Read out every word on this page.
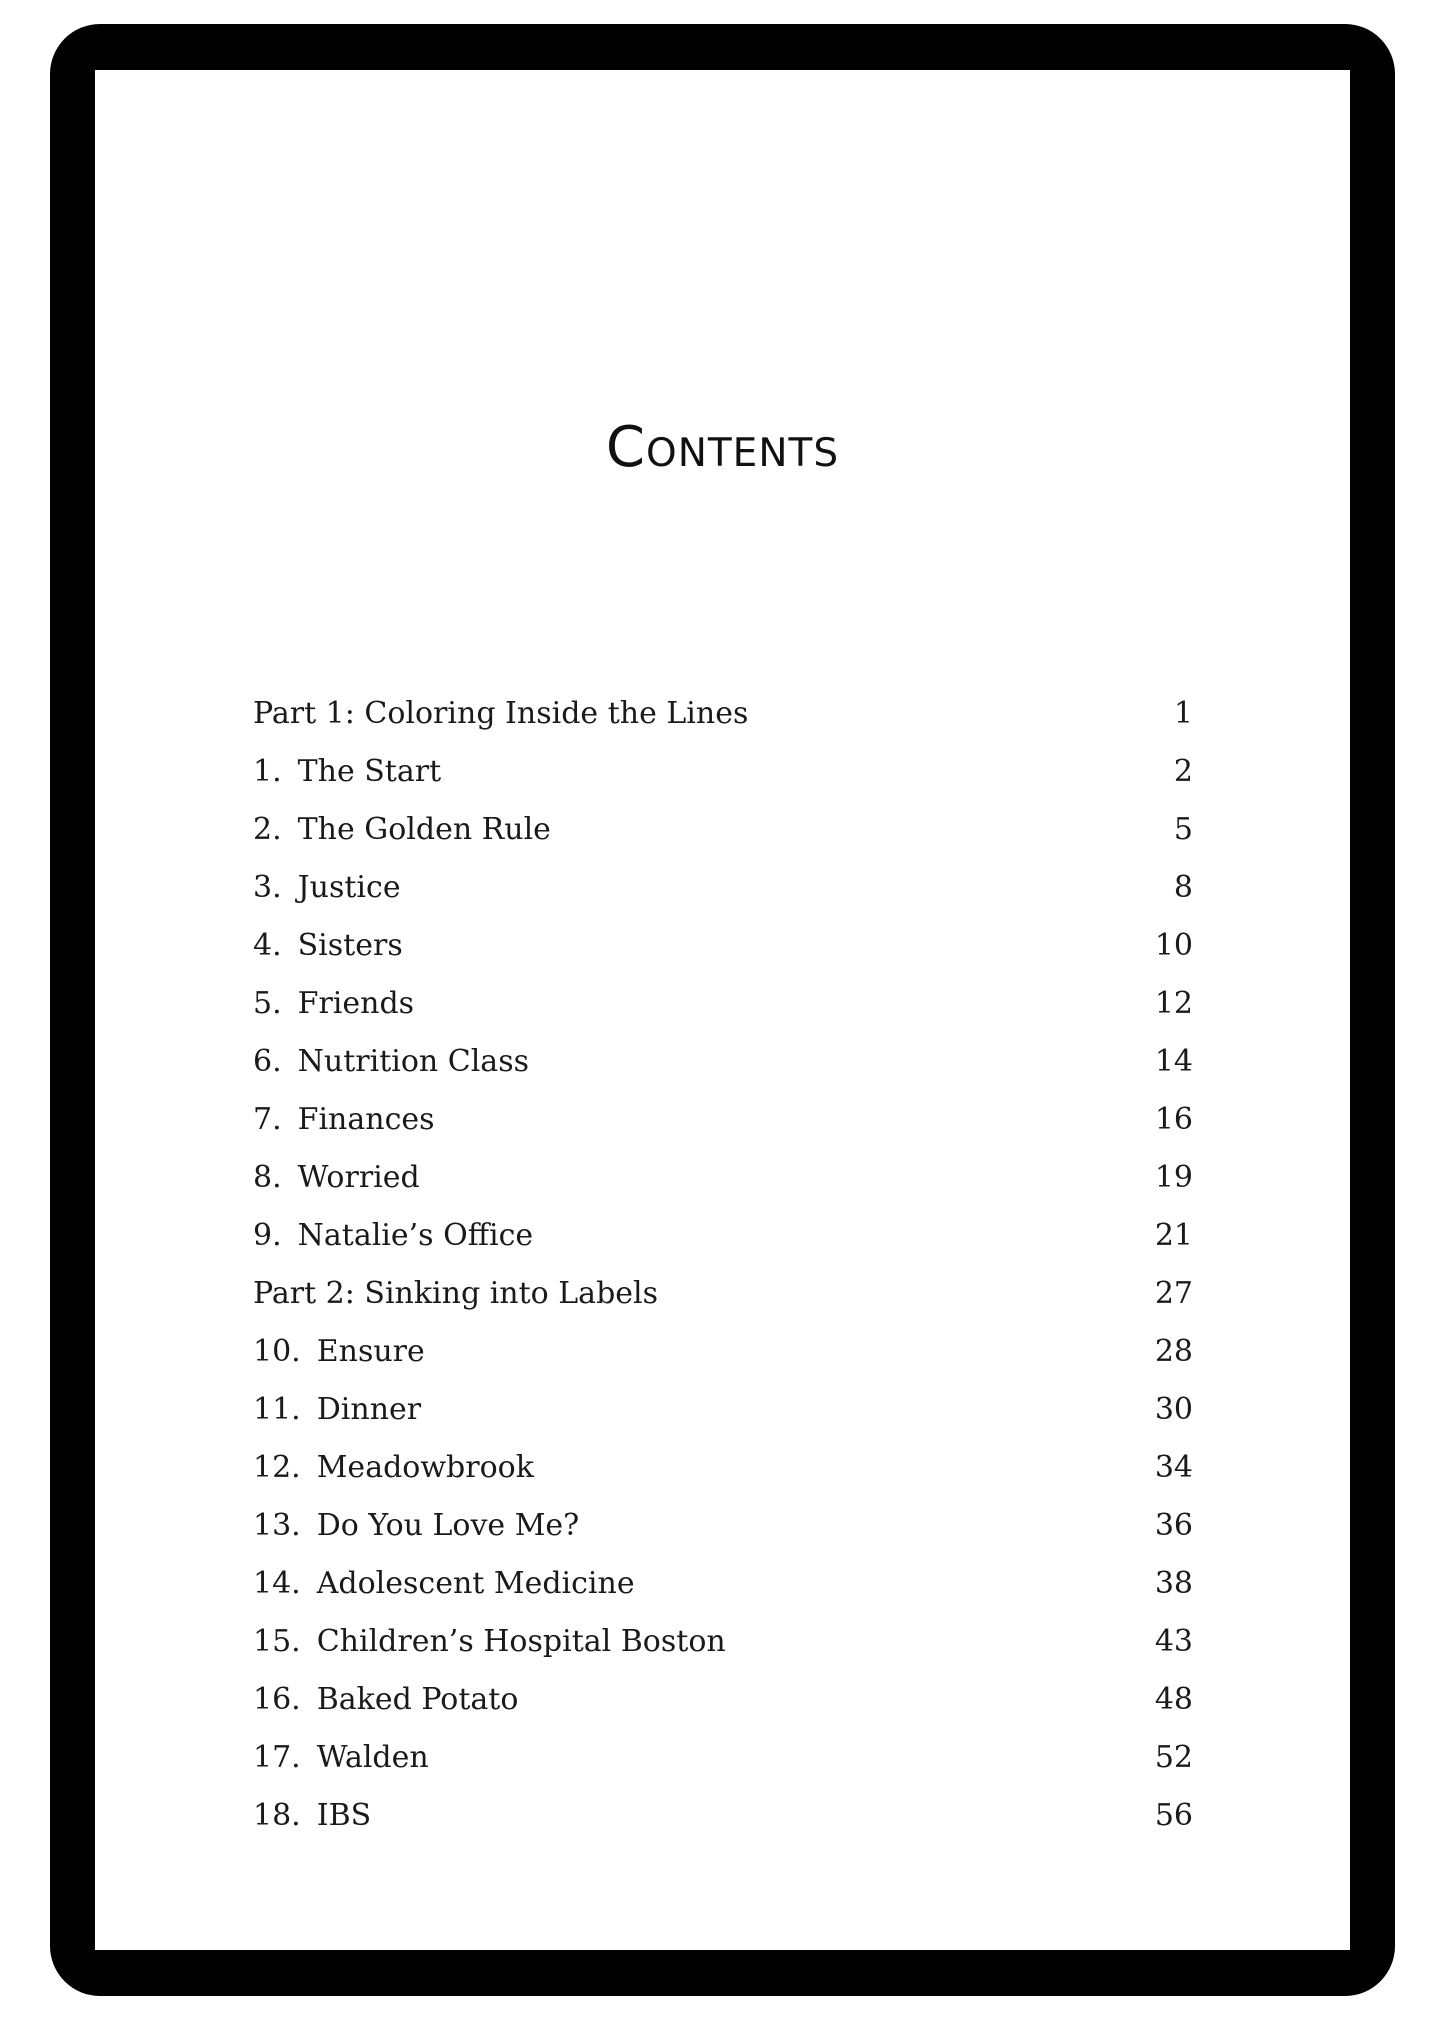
Contents
Part 1: Coloring Inside the Lines	1
1. The Start	2
2. The Golden Rule	5
3. Justice	8
4. Sisters	10
5. Friends	12
6. Nutrition Class	14
7. Finances	16
8. Worried	19
9. Natalie’s Office	21
Part 2: Sinking into Labels	27
10. Ensure	28
11. Dinner	30
12. Meadowbrook	34
13. Do You Love Me?	36
14. Adolescent Medicine	38
15. Children’s Hospital Boston	43
16. Baked Potato	48
17. Walden	52
18. IBS	56
